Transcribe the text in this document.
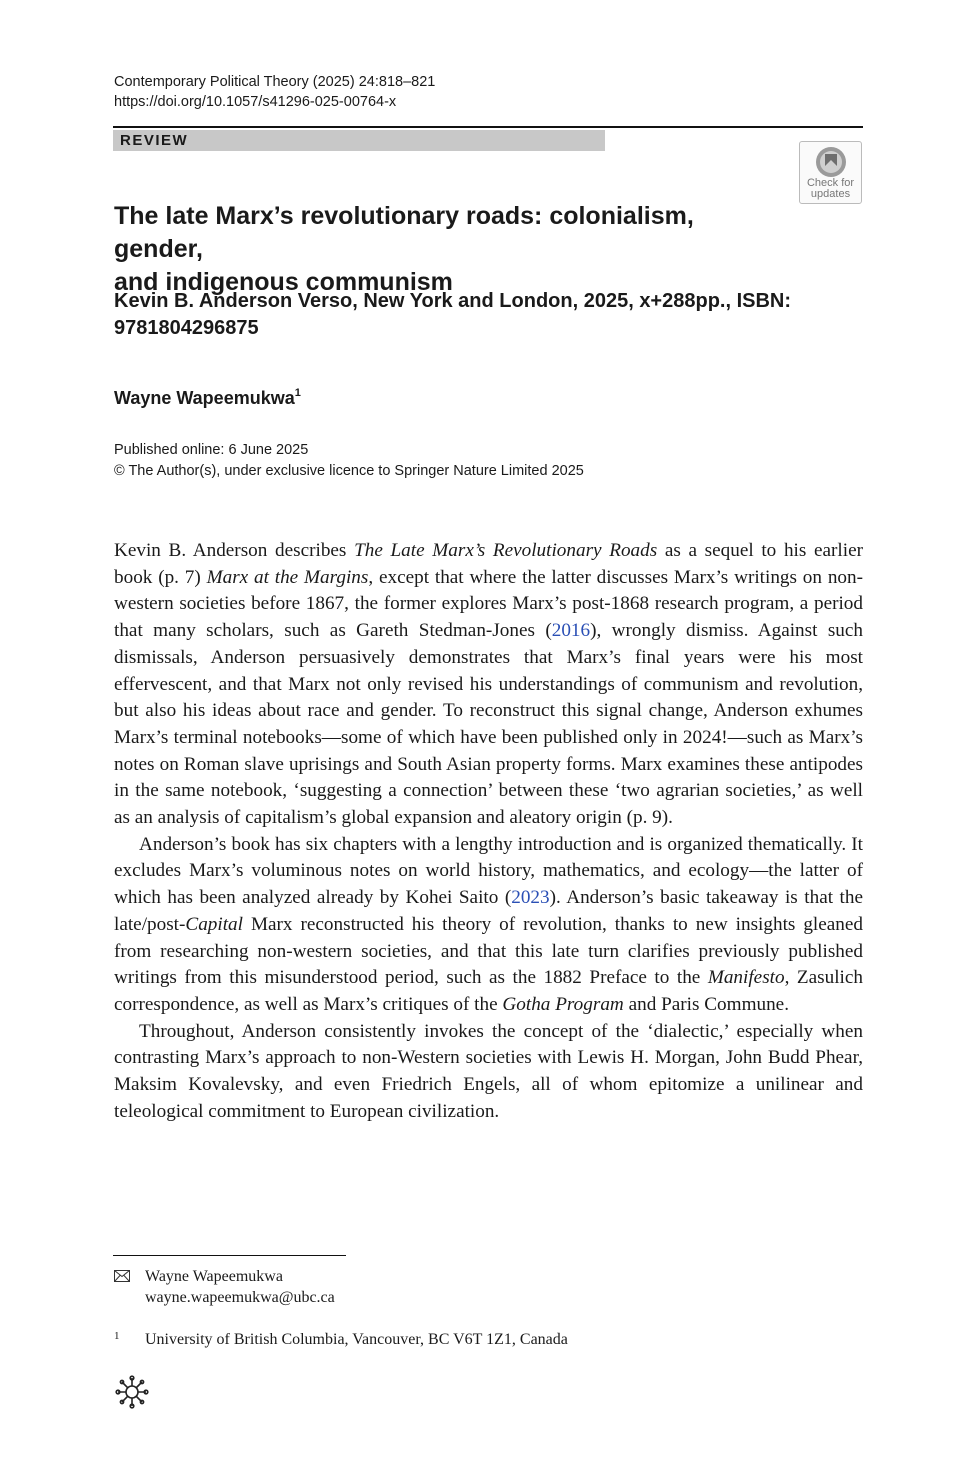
Contemporary Political Theory (2025) 24:818–821
https://doi.org/10.1057/s41296-025-00764-x
REVIEW
Check for
updates
The late Marx’s revolutionary roads: colonialism, gender,
and indigenous communism
Kevin B. Anderson Verso, New York and London, 2025, x+288pp., ISBN:
9781804296875
Wayne Wapeemukwa$^1$
Published online: 6 June 2025
© The Author(s), under exclusive licence to Springer Nature Limited 2025

Kevin B. Anderson describes The Late Marx’s Revolutionary Roads as a sequel to his earlier book (p. 7) Marx at the Margins, except that where the latter discusses Marx’s writings on non-western societies before 1867, the former explores Marx’s post-1868 research program, a period that many scholars, such as Gareth Stedman-Jones (2016), wrongly dismiss. Against such dismissals, Anderson persuasively demonstrates that Marx’s final years were his most effervescent, and that Marx not only revised his understandings of communism and revolution, but also his ideas about race and gender. To reconstruct this signal change, Anderson exhumes Marx’s terminal notebooks—some of which have been published only in 2024!—such as Marx’s notes on Roman slave uprisings and South Asian property forms. Marx examines these antipodes in the same notebook, ‘suggesting a connection’ between these ‘two agrarian societies,’ as well as an analysis of capitalism’s global expansion and aleatory origin (p. 9).

Anderson’s book has six chapters with a lengthy introduction and is organized thematically. It excludes Marx’s voluminous notes on world history, mathematics, and ecology—the latter of which has been analyzed already by Kohei Saito (2023). Anderson’s basic takeaway is that the late/post-Capital Marx reconstructed his theory of revolution, thanks to new insights gleaned from researching non-western societies, and that this late turn clarifies previously published writings from this misunderstood period, such as the 1882 Preface to the Manifesto, Zasulich correspondence, as well as Marx’s critiques of the Gotha Program and Paris Commune.

Throughout, Anderson consistently invokes the concept of the ‘dialectic,’ especially when contrasting Marx’s approach to non-Western societies with Lewis H. Morgan, John Budd Phear, Maksim Kovalevsky, and even Friedrich Engels, all of whom epitomize a unilinear and teleological commitment to European civilization.

Wayne Wapeemukwa
wayne.wapeemukwa@ubc.ca
1 University of British Columbia, Vancouver, BC V6T 1Z1, Canada
